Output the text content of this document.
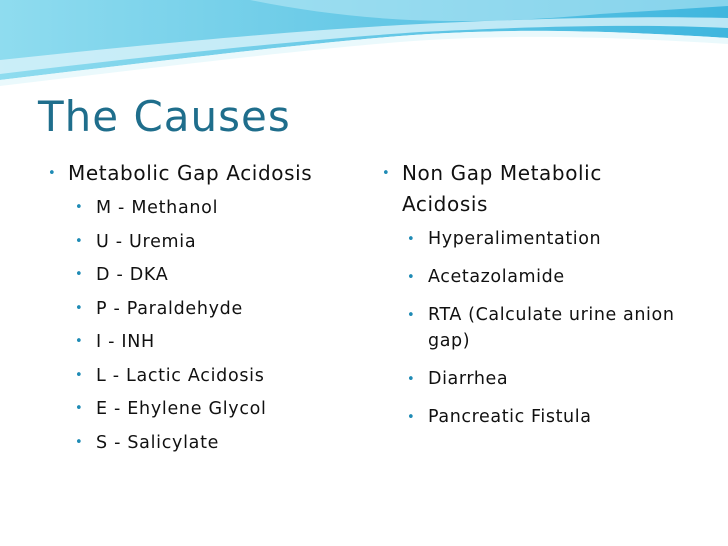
The Causes
• Metabolic Gap Acidosis
• M - Methanol
• U - Uremia
• D - DKA
• P - Paraldehyde
• I - INH
• L - Lactic Acidosis
• E - Ehylene Glycol
• S - Salicylate
• Non Gap Metabolic Acidosis
• Hyperalimentation
• Acetazolamide
• RTA (Calculate urine anion gap)
• Diarrhea
• Pancreatic Fistula
